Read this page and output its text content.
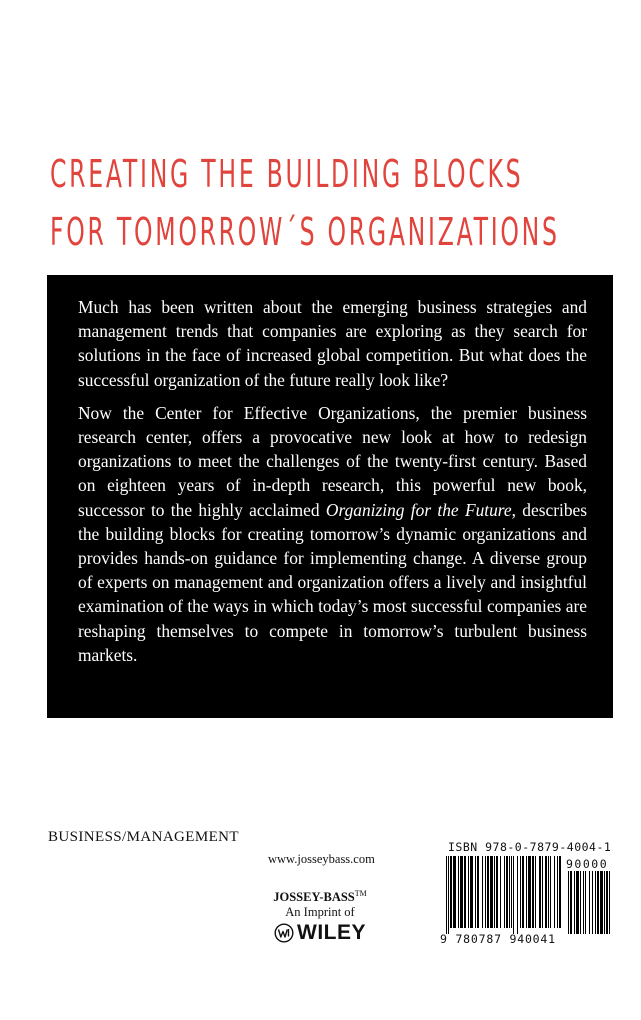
CREATING THE BUILDING BLOCKS
FOR TOMORROW´S ORGANIZATIONS

Much has been written about the emerging business strategies and management trends that companies are exploring as they search for solutions in the face of increased global competition. But what does the successful organization of the future really look like?

Now the Center for Effective Organizations, the premier business research center, offers a provocative new look at how to redesign organizations to meet the challenges of the twenty-first century. Based on eighteen years of in-depth research, this powerful new book, successor to the highly acclaimed Organizing for the Future, describes the building blocks for creating tomorrow’s dynamic organizations and provides hands-on guidance for implementing change. A diverse group of experts on management and organization offers a lively and insightful examination of the ways in which today’s most successful companies are reshaping themselves to compete in tomorrow’s turbulent business markets.

BUSINESS/MANAGEMENT
www.josseybass.com
JOSSEY-BASS™
An Imprint of
WILEY
ISBN 978-0-7879-4004-1
90000
9 780787 940041
